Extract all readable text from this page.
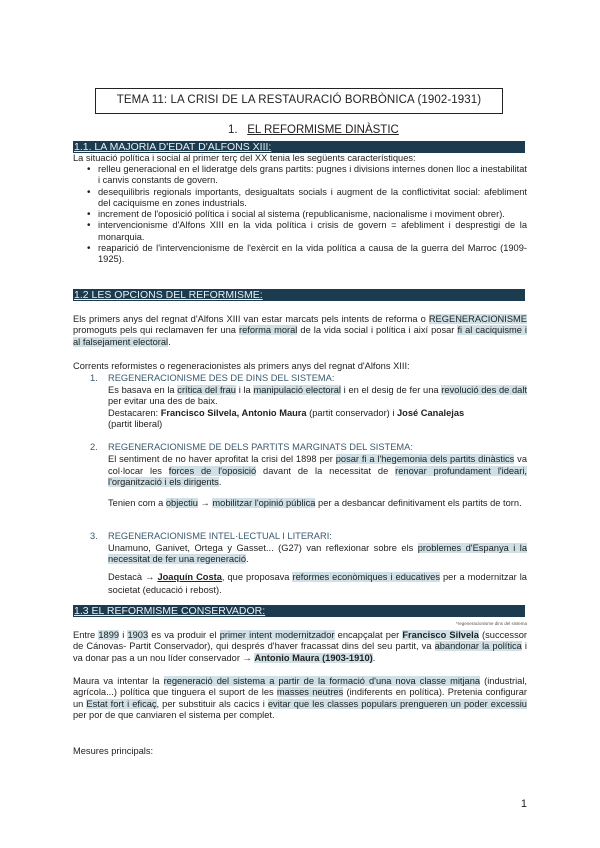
TEMA 11: LA CRISI DE LA RESTAURACIÓ BORBÒNICA (1902-1931)
1. EL REFORMISME DINÀSTIC
1.1. LA MAJORIA D'EDAT D'ALFONS XIII:
La situació política i social al primer terç del XX tenia les següents característiques:
• relleu generacional en el lideratge dels grans partits: pugnes i divisions internes donen lloc a inestabilitat i canvis constants de govern.
• desequilibris regionals importants, desigualtats socials i augment de la conflictivitat social: afebliment del caciquisme en zones industrials.
• increment de l'oposició política i social al sistema (republicanisme, nacionalisme i moviment obrer).
• intervencionisme d'Alfons XIII en la vida política i crisis de govern = afebliment i desprestigi de la monarquia.
• reaparició de l'intervencionisme de l'exèrcit en la vida política a causa de la guerra del Marroc (1909-1925).
1.2 LES OPCIONS DEL REFORMISME:
Els primers anys del regnat d'Alfons XIII van estar marcats pels intents de reforma o REGENERACIONISME promoguts pels qui reclamaven fer una reforma moral de la vida social i política i així posar fi al caciquisme i al falsejament electoral.
Corrents reformistes o regeneracionistes als primers anys del regnat d'Alfons XIII:
1. REGENERACIONISME DES DE DINS DEL SISTEMA:
Es basava en la crítica del frau i la manipulació electoral i en el desig de fer una revolució des de dalt per evitar una des de baix.
Destacaren: Francisco Silvela, Antonio Maura (partit conservador) i José Canalejas
(partit liberal)
2. REGENERACIONISME DE DELS PARTITS MARGINATS DEL SISTEMA:
El sentiment de no haver aprofitat la crisi del 1898 per posar fi a l'hegemonia dels partits dinàstics va col·locar les forces de l'oposició davant de la necessitat de renovar profundament l'ideari, l'organització i els dirigents.
Tenien com a objectiu → mobilitzar l'opinió pública per a desbancar definitivament els partits de torn.
3. REGENERACIONISME INTEL·LECTUAL I LITERARI:
Unamuno, Ganivet, Ortega y Gasset... (G27) van reflexionar sobre els problemes d'Espanya i la necessitat de fer una regeneració.
Destacà → Joaquín Costa, que proposava reformes econòmiques i educatives per a modernitzar la societat (educació i rebost).
1.3 EL REFORMISME CONSERVADOR:
*regeneracionisme dins del sistema
Entre 1899 i 1903 es va produir el primer intent modernitzador encapçalat per Francisco Silvela (successor de Cánovas- Partit Conservador), qui després d'haver fracassat dins del seu partit, va abandonar la política i va donar pas a un nou líder conservador → Antonio Maura (1903-1910).
Maura va intentar la regeneració del sistema a partir de la formació d'una nova classe mitjana (industrial, agrícola...) política que tinguera el suport de les masses neutres (indiferents en política). Pretenia configurar un Estat fort i eficaç, per substituir als cacics i evitar que les classes populars prengueren un poder excessiu per por de que canviaren el sistema per complet.
Mesures principals:
1
